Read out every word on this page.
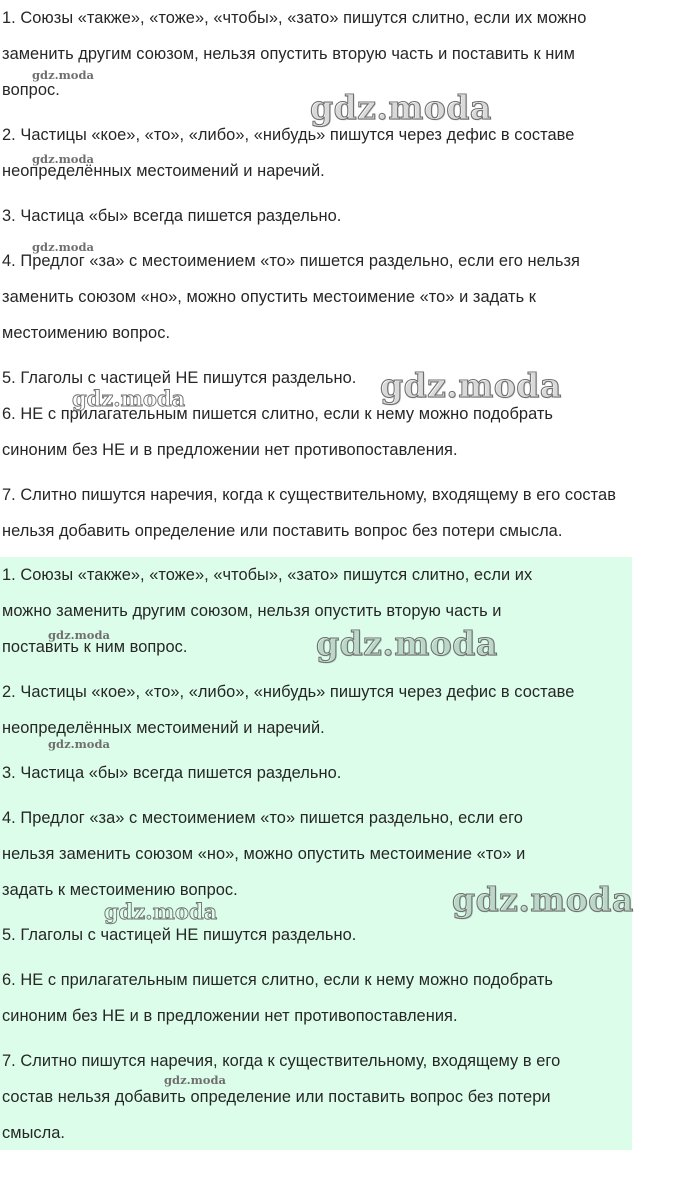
1. Союзы «также», «тоже», «чтобы», «зато» пишутся слитно, если их можно
заменить другим союзом, нельзя опустить вторую часть и поставить к ним
вопрос.
2. Частицы «кое», «то», «либо», «нибудь» пишутся через дефис в составе
неопределённых местоимений и наречий.
3. Частица «бы» всегда пишется раздельно.
4. Предлог «за» с местоимением «то» пишется раздельно, если его нельзя
заменить союзом «но», можно опустить местоимение «то» и задать к
местоимению вопрос.
5. Глаголы с частицей НЕ пишутся раздельно.
6. НЕ с прилагательным пишется слитно, если к нему можно подобрать
синоним без НЕ и в предложении нет противопоставления.
7. Слитно пишутся наречия, когда к существительному, входящему в его состав
нельзя добавить определение или поставить вопрос без потери смысла.
1. Союзы «также», «тоже», «чтобы», «зато» пишутся слитно, если их
можно заменить другим союзом, нельзя опустить вторую часть и
поставить к ним вопрос.
2. Частицы «кое», «то», «либо», «нибудь» пишутся через дефис в составе
неопределённых местоимений и наречий.
3. Частица «бы» всегда пишется раздельно.
4. Предлог «за» с местоимением «то» пишется раздельно, если его
нельзя заменить союзом «но», можно опустить местоимение «то» и
задать к местоимению вопрос.
5. Глаголы с частицей НЕ пишутся раздельно.
6. НЕ с прилагательным пишется слитно, если к нему можно подобрать
синоним без НЕ и в предложении нет противопоставления.
7. Слитно пишутся наречия, когда к существительному, входящему в его
состав нельзя добавить определение или поставить вопрос без потери
смысла.
gdz.moda
gdz.moda
gdz.moda
gdz.moda
gdz.moda
gdz.moda
gdz.moda
gdz.moda
gdz.moda
